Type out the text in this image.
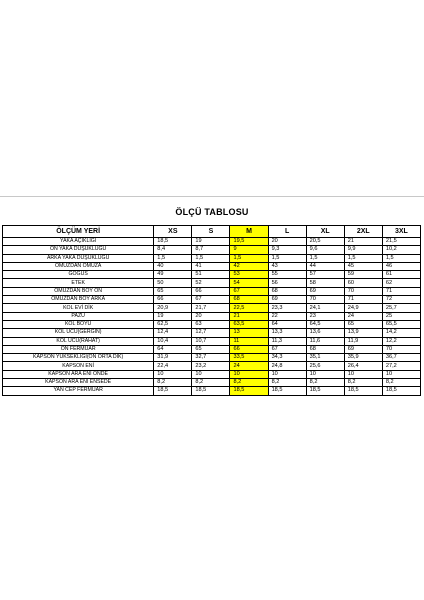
ÖLÇÜ TABLOSU
ÖLÇÜM YERİ	XS	S	M	L	XL	2XL	3XL
YAKA AÇIKLIĞI	18,5	19	19,5	20	20,5	21	21,5
ÖN YAKA DÜŞÜKLÜĞÜ	8,4	8,7	9	9,3	9,6	9,9	10,2
ARKA YAKA DÜŞÜKLÜĞÜ	1,5	1,5	1,5	1,5	1,5	1,5	1,5
OMUZDAN OMUZA	40	41	42	43	44	45	46
GÖĞÜS	49	51	53	55	57	59	61
ETEK	50	52	54	56	58	60	62
OMUZDAN BOY ÖN	65	66	67	68	69	70	71
OMUZDAN BOY ARKA	66	67	68	69	70	71	72
KOL EVİ DİK	20,9	21,7	22,5	23,3	24,1	24,9	25,7
PAZU	19	20	21	22	23	24	25
KOL BOYU	62,5	63	63,5	64	64,5	65	65,5
KOL UCU(GERGİN)	12,4	12,7	13	13,3	13,6	13,9	14,2
KOL UCU(RAHAT)	10,4	10,7	11	11,3	11,6	11,9	12,2
ÖN FERMUAR	64	65	66	67	68	69	70
KAPSON YÜKSEKLİĞİ(ON ORTA DİK)	31,9	32,7	33,5	34,3	35,1	35,9	36,7
KAPSON ENİ	22,4	23,2	24	24,8	25,6	26,4	27,2
KAPSON ARA ENİ ÖNDE	10	10	10	10	10	10	10
KAPSON ARA ENİ ENSEDE	8,2	8,2	8,2	8,2	8,2	8,2	8,2
YAN CEP FERMUAR	18,5	18,5	18,5	18,5	18,5	18,5	18,5
